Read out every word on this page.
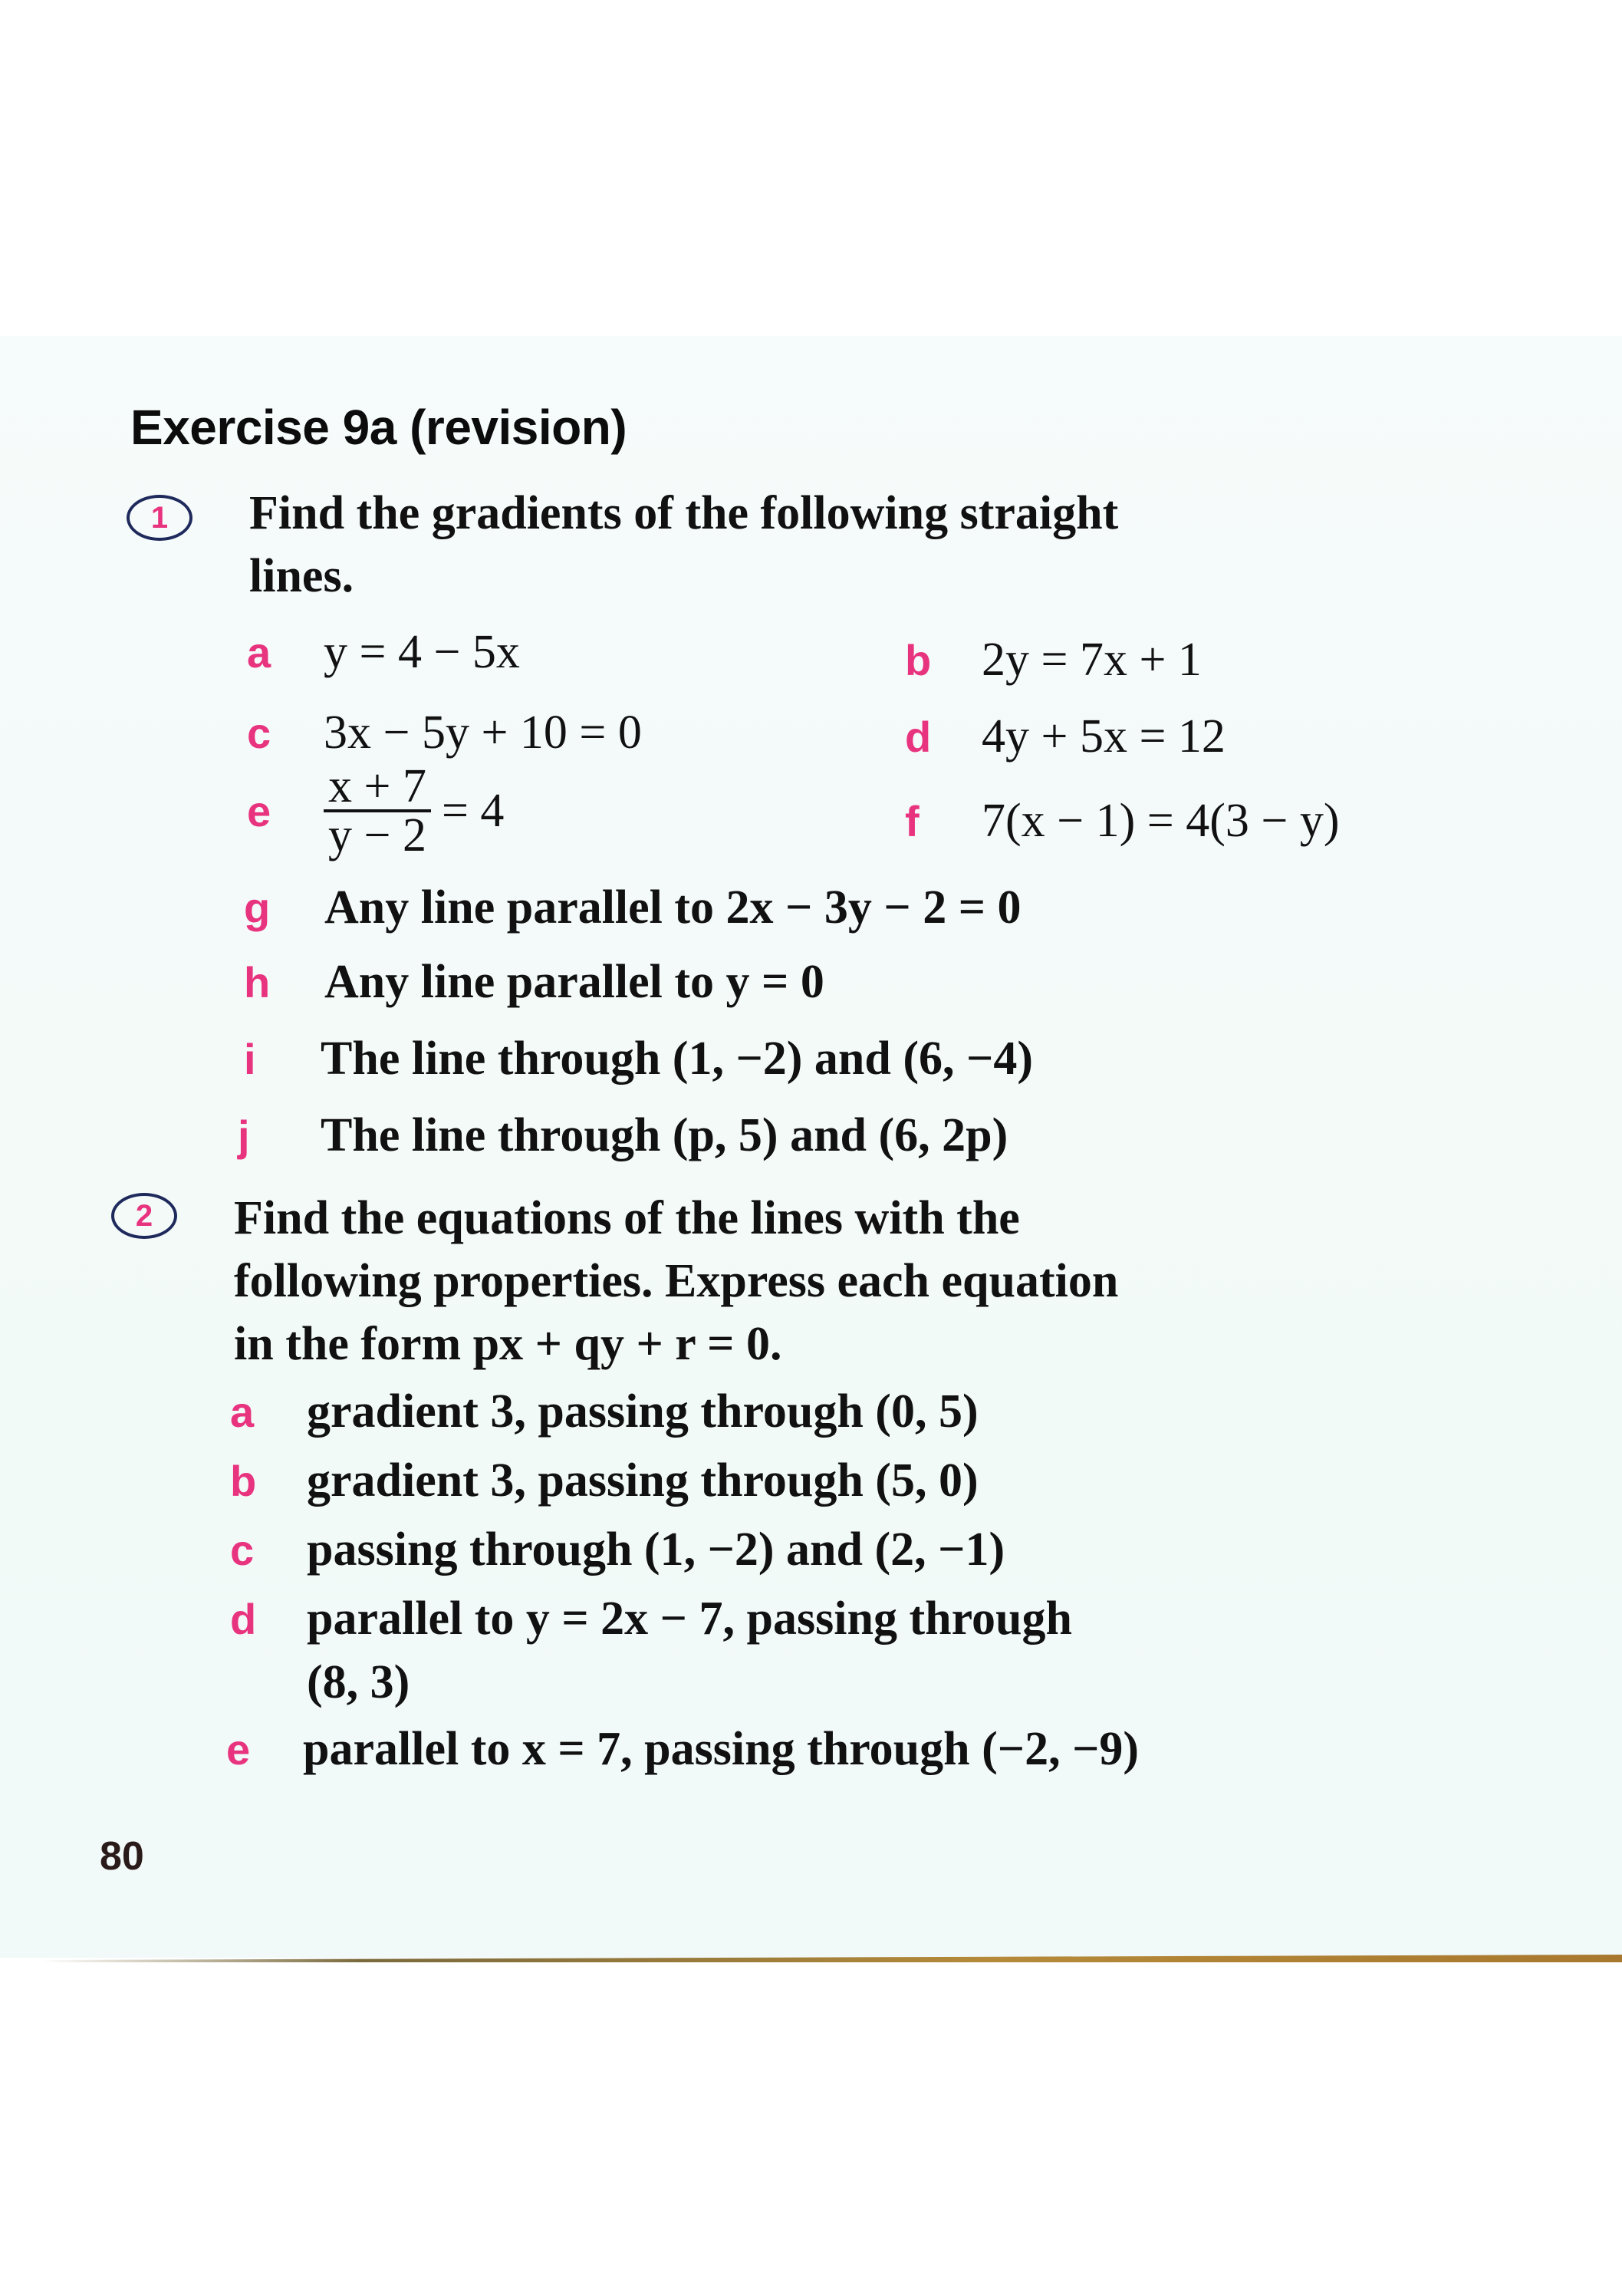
Exercise 9a (revision)
1 Find the gradients of the following straight
lines.
a	y = 4 − 5x	b	2y = 7x + 1
c	3x − 5y + 10 = 0	d	4y + 5x = 12
e	$\frac{x + 7}{y - 2} = 4$	f	7(x − 1) = 4(3 − y)
g	Any line parallel to 2x − 3y − 2 = 0
h	Any line parallel to y = 0
i	The line through (1, −2) and (6, −4)
j	The line through (p, 5) and (6, 2p)
2 Find the equations of the lines with the
following properties. Express each equation
in the form px + qy + r = 0.
a	gradient 3, passing through (0, 5)
b	gradient 3, passing through (5, 0)
c	passing through (1, −2) and (2, −1)
d	parallel to y = 2x − 7, passing through
(8, 3)
e	parallel to x = 7, passing through (−2, −9)
80
